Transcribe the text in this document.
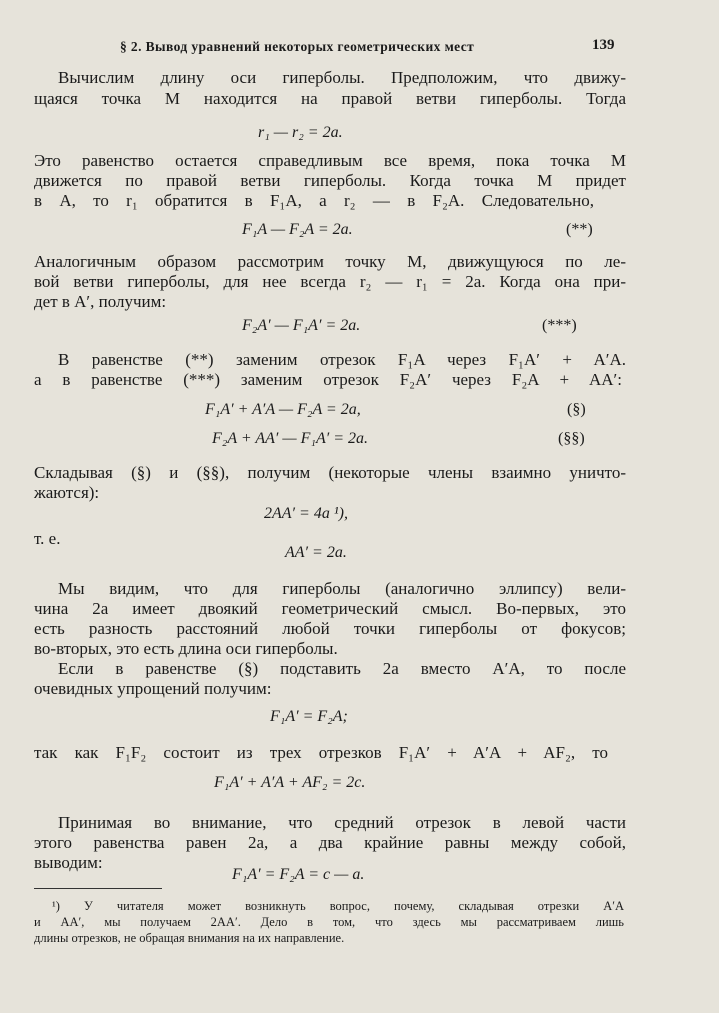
§ 2. Вывод уравнений некоторых геометрических мест	139
Вычислим длину оси гиперболы. Предположим, что движу-
щаяся точка M находится на правой ветви гиперболы. Тогда
r₁ — r₂ = 2a.
Это равенство остается справедливым все время, пока точка M
движется по правой ветви гиперболы. Когда точка M придет
в A, то r₁ обратится в F₁A, а r₂ — в F₂A. Следовательно,
F₁A — F₂A = 2a.	(**)
Аналогичным образом рассмотрим точку M, движущуюся по ле-
вой ветви гиперболы, для нее всегда r₂ — r₁ = 2a. Когда она при-
дет в A′, получим:
F₂A′ — F₁A′ = 2a.	(***)
В равенстве (**) заменим отрезок F₁A через F₁A′ + A′A.
а в равенстве (***) заменим отрезок F₂A′ через F₂A + AA′:
F₁A′ + A′A — F₂A = 2a,	(§)
F₂A + AA′ — F₁A′ = 2a.	(§§)
Складывая (§) и (§§), получим (некоторые члены взаимно уничто-
жаются):
2AA′ = 4a ¹),
т. е.
AA′ = 2a.
Мы видим, что для гиперболы (аналогично эллипсу) вели-
чина 2a имеет двоякий геометрический смысл. Во-первых, это
есть разность расстояний любой точки гиперболы от фокусов;
во-вторых, это есть длина оси гиперболы.
Если в равенстве (§) подставить 2a вместо A′A, то после
очевидных упрощений получим:
F₁A′ = F₂A;
так как F₁F₂ состоит из трех отрезков F₁A′ + A′A + AF₂, то
F₁A′ + A′A + AF₂ = 2c.
Принимая во внимание, что средний отрезок в левой части
этого равенства равен 2a, а два крайние равны между собой,
выводим:
F₁A′ = F₂A = c — a.
¹) У читателя может возникнуть вопрос, почему, складывая отрезки A′A
и AA′, мы получаем 2AA′. Дело в том, что здесь мы рассматриваем лишь
длины отрезков, не обращая внимания на их направление.
